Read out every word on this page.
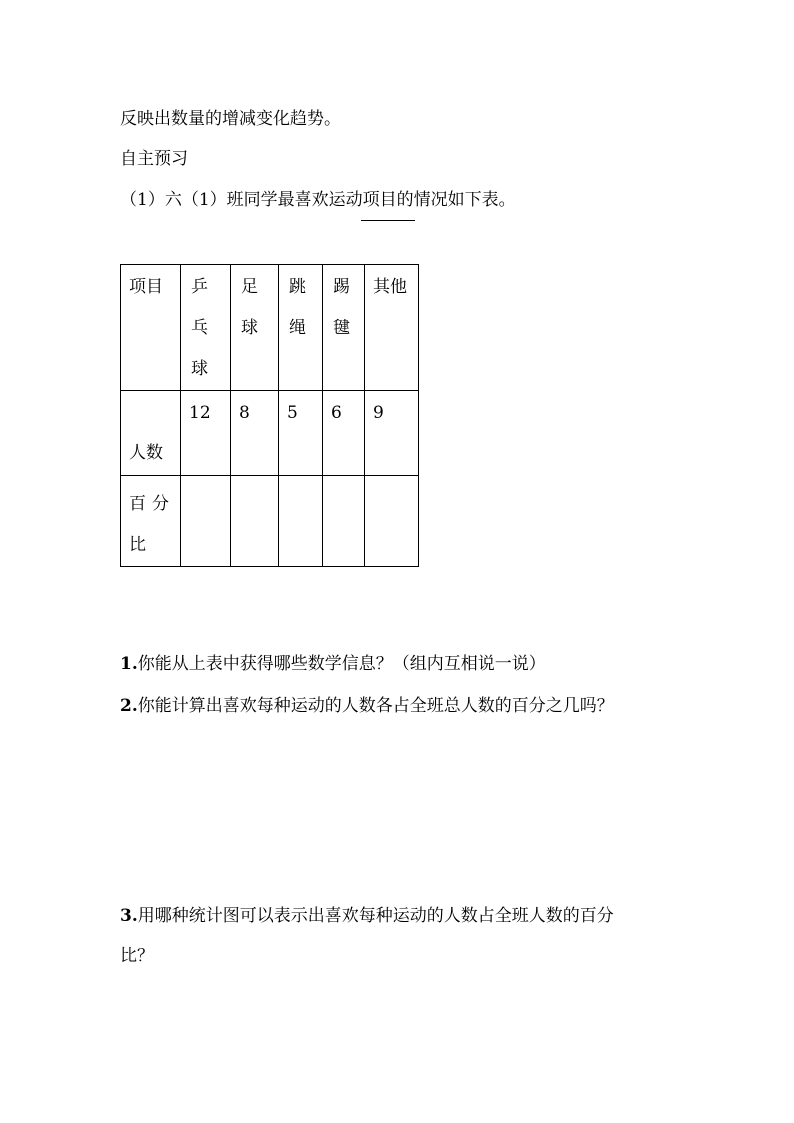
反映出数量的增减变化趋势。
自主预习
（1）六（1）班同学最喜欢运动项目的情况如下表。
项目	乒乓球	足球	跳绳	踢毽	其他

人数	12	8	5	6	9

百分比					

1.你能从上表中获得哪些数学信息？（组内互相说一说）
2.你能计算出喜欢每种运动的人数各占全班总人数的百分之几吗？
3.用哪种统计图可以表示出喜欢每种运动的人数占全班人数的百分
比？
